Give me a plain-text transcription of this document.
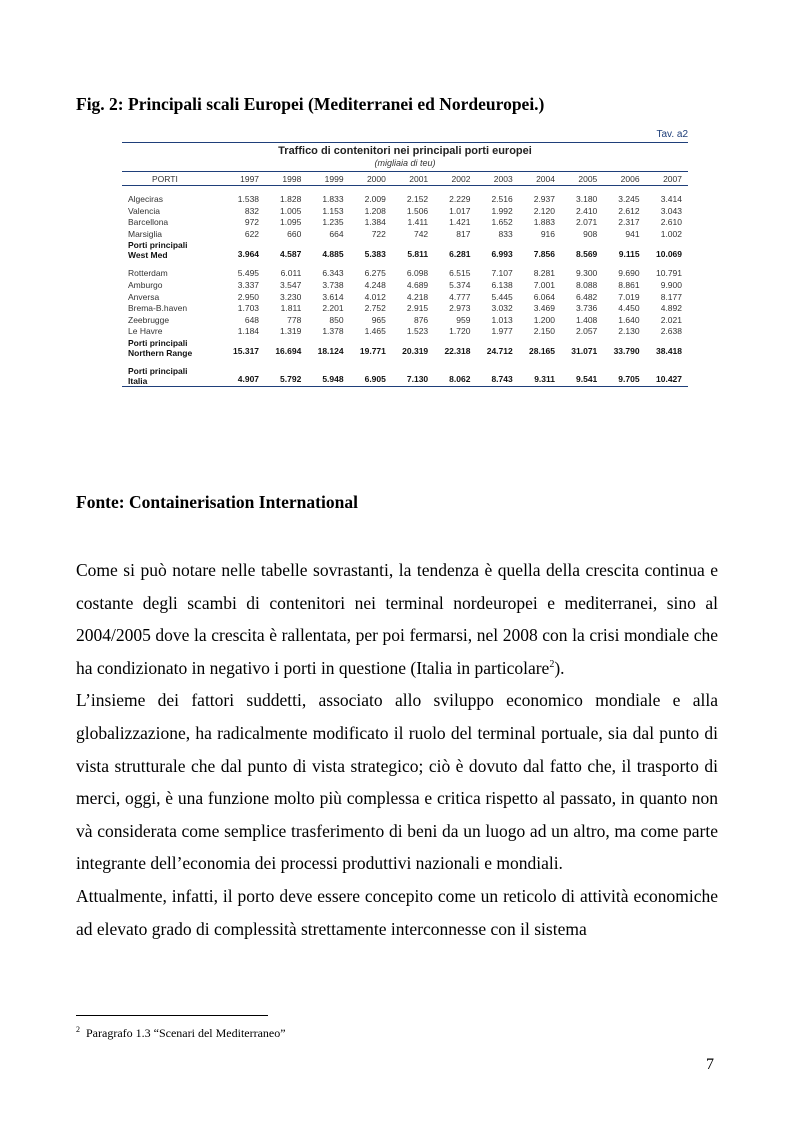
Fig. 2: Principali scali Europei (Mediterranei ed Nordeuropei.)
Tav. a2
Traffico di contenitori nei principali porti europei
(migliaia di teu)
PORTI	1997	1998	1999	2000	2001	2002	2003	2004	2005	2006	2007

Algeciras	1.538	1.828	1.833	2.009	2.152	2.229	2.516	2.937	3.180	3.245	3.414
Valencia	832	1.005	1.153	1.208	1.506	1.017	1.992	2.120	2.410	2.612	3.043
Barcellona	972	1.095	1.235	1.384	1.411	1.421	1.652	1.883	2.071	2.317	2.610
Marsiglia	622	660	664	722	742	817	833	916	908	941	1.002

Porti principali
West Med	3.964	4.587	4.885	5.383	5.811	6.281	6.993	7.856	8.569	9.115	10.069

Rotterdam	5.495	6.011	6.343	6.275	6.098	6.515	7.107	8.281	9.300	9.690	10.791
Amburgo	3.337	3.547	3.738	4.248	4.689	5.374	6.138	7.001	8.088	8.861	9.900
Anversa	2.950	3.230	3.614	4.012	4.218	4.777	5.445	6.064	6.482	7.019	8.177
Brema-B.haven	1.703	1.811	2.201	2.752	2.915	2.973	3.032	3.469	3.736	4.450	4.892
Zeebrugge	648	778	850	965	876	959	1.013	1.200	1.408	1.640	2.021
Le Havre	1.184	1.319	1.378	1.465	1.523	1.720	1.977	2.150	2.057	2.130	2.638

Porti principali
Northern Range	15.317	16.694	18.124	19.771	20.319	22.318	24.712	28.165	31.071	33.790	38.418

Porti principali
Italia	4.907	5.792	5.948	6.905	7.130	8.062	8.743	9.311	9.541	9.705	10.427
Fonte: Containerisation International

Come si può notare nelle tabelle sovrastanti, la tendenza è quella della crescita continua e costante degli scambi di contenitori nei terminal nordeuropei e mediterranei, sino al 2004/2005 dove la crescita è rallentata, per poi fermarsi, nel 2008 con la crisi mondiale che ha condizionato in negativo i porti in questione (Italia in particolare$^2$).

L’insieme dei fattori suddetti, associato allo sviluppo economico mondiale e alla globalizzazione, ha radicalmente modificato il ruolo del terminal portuale, sia dal punto di vista strutturale che dal punto di vista strategico; ciò è dovuto dal fatto che, il trasporto di merci, oggi, è una funzione molto più complessa e critica rispetto al passato, in quanto non và considerata come semplice trasferimento di beni da un luogo ad un altro, ma come parte integrante dell’economia dei processi produttivi nazionali e mondiali.

Attualmente, infatti, il porto deve essere concepito come un reticolo di attività economiche ad elevato grado di complessità strettamente interconnesse con il sistema

$^2$ Paragrafo 1.3 “Scenari del Mediterraneo”
7
